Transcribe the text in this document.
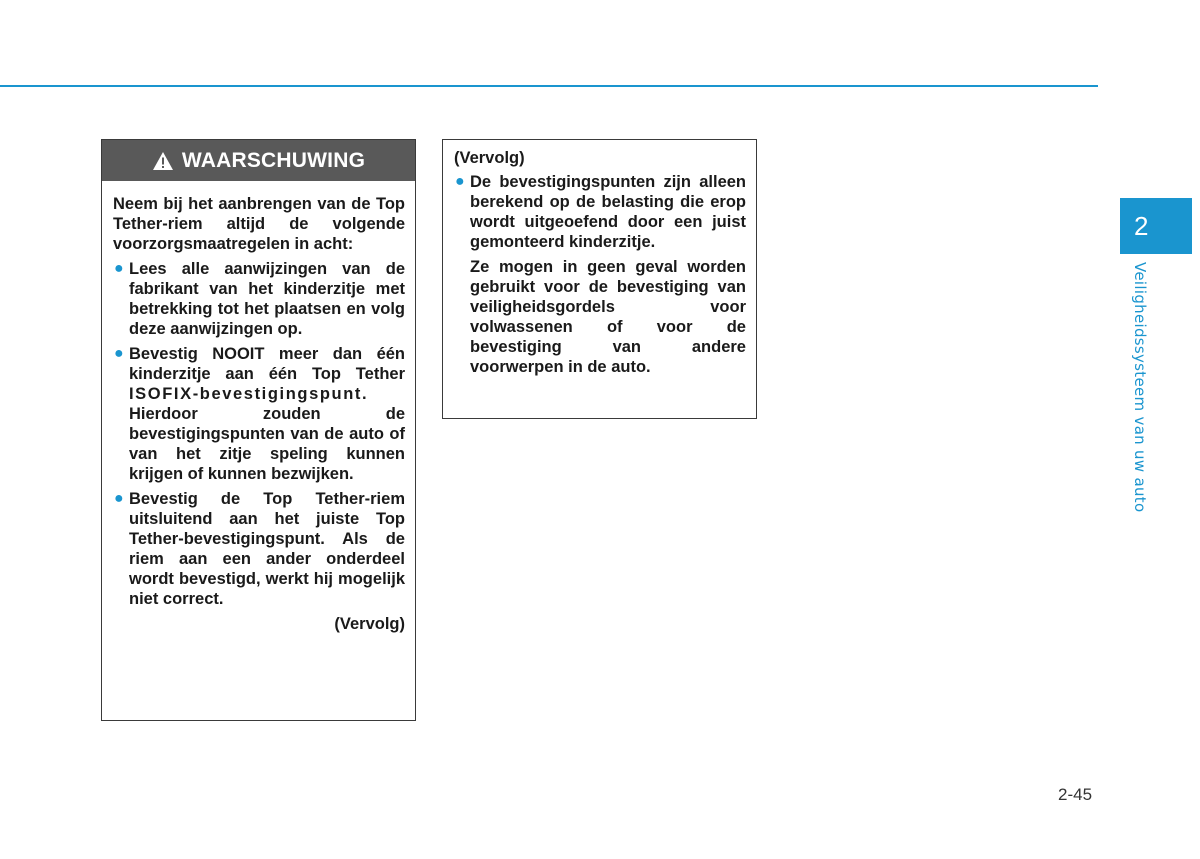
WAARSCHUWING

Neem bij het aanbrengen van de Top Tether-riem altijd de volgende voorzorgsmaatregelen in acht:

● Lees alle aanwijzingen van de fabrikant van het kinderzitje met betrekking tot het plaatsen en volg deze aanwijzingen op.
● Bevestig NOOIT meer dan één kinderzitje aan één Top Tether ISOFIX-bevestigingspunt. Hierdoor zouden de bevestigingspunten van de auto of van het zitje speling kunnen krijgen of kunnen bezwijken.
● Bevestig de Top Tether-riem uitsluitend aan het juiste Top Tether-bevestigingspunt. Als de riem aan een ander onderdeel wordt bevestigd, werkt hij mogelijk niet correct.
(Vervolg)

(Vervolg)

● De bevestigingspunten zijn alleen berekend op de belasting die erop wordt uitgeoefend door een juist gemonteerd kinderzitje.

Ze mogen in geen geval worden gebruikt voor de bevestiging van veiligheidsgordels voor volwassenen of voor de bevestiging van andere voorwerpen in de auto.

2
Veiligheidssysteem van uw auto
2-45
